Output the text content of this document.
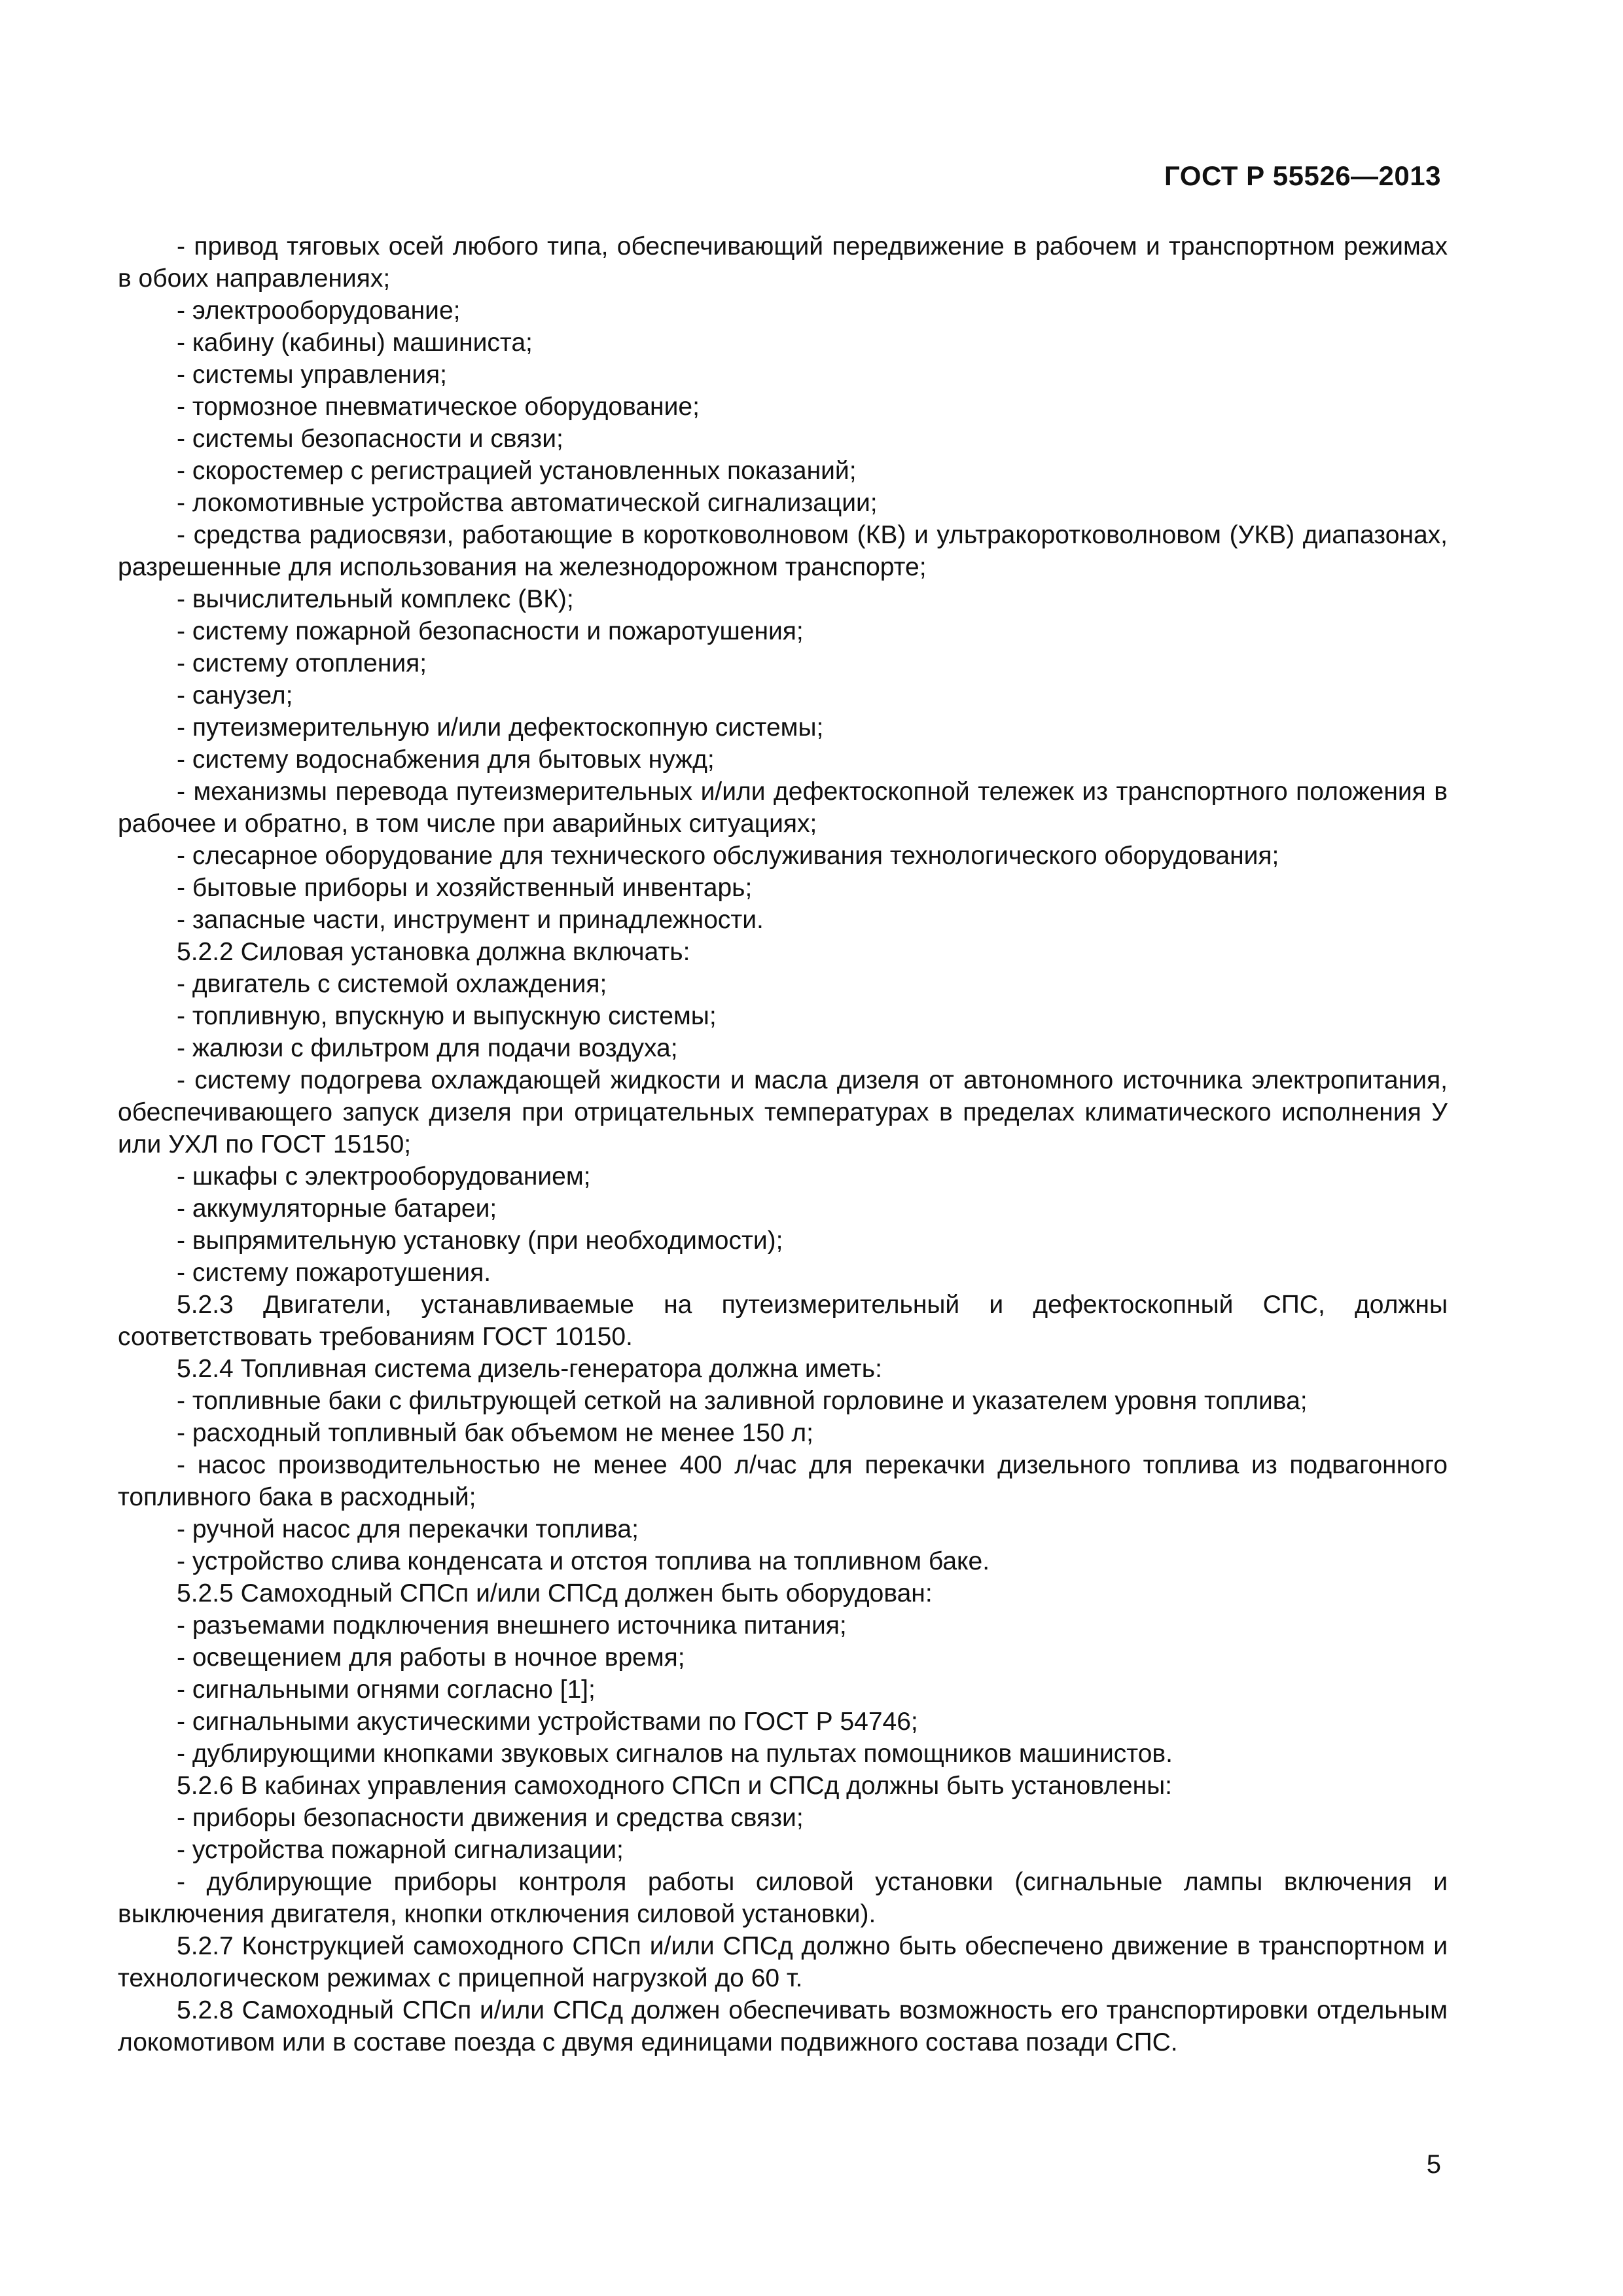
ГОСТ Р 55526—2013

- привод тяговых осей любого типа, обеспечивающий передвижение в рабочем и транспортном режимах в обоих направлениях;

- электрооборудование;

- кабину (кабины) машиниста;

- системы управления;

- тормозное пневматическое оборудование;

- системы безопасности и связи;

- скоростемер с регистрацией установленных показаний;

- локомотивные устройства автоматической сигнализации;

- средства радиосвязи, работающие в коротковолновом (КВ) и ультракоротковолновом (УКВ) диапазонах, разрешенные для использования на железнодорожном транспорте;

- вычислительный комплекс (ВК);

- систему пожарной безопасности и пожаротушения;

- систему отопления;

- санузел;

- путеизмерительную и/или дефектоскопную системы;

- систему водоснабжения для бытовых нужд;

- механизмы перевода путеизмерительных и/или дефектоскопной тележек из транспортного положения в рабочее и обратно, в том числе при аварийных ситуациях;

- слесарное оборудование для технического обслуживания технологического оборудования;

- бытовые приборы и хозяйственный инвентарь;

- запасные части, инструмент и принадлежности.

5.2.2 Силовая установка должна включать:

- двигатель с системой охлаждения;

- топливную, впускную и выпускную системы;

- жалюзи с фильтром для подачи воздуха;

- систему подогрева охлаждающей жидкости и масла дизеля от автономного источника электропитания, обеспечивающего запуск дизеля при отрицательных температурах в пределах климатического исполнения У или УХЛ по ГОСТ 15150;

- шкафы с электрооборудованием;

- аккумуляторные батареи;

- выпрямительную установку (при необходимости);

- систему пожаротушения.

5.2.3 Двигатели, устанавливаемые на путеизмерительный и дефектоскопный СПС, должны соответствовать требованиям ГОСТ 10150.

5.2.4 Топливная система дизель-генератора должна иметь:

- топливные баки с фильтрующей сеткой на заливной горловине и указателем уровня топлива;

- расходный топливный бак объемом не менее 150 л;

- насос производительностью не менее 400 л/час для перекачки дизельного топлива из подвагонного топливного бака в расходный;

- ручной насос для перекачки топлива;

- устройство слива конденсата и отстоя топлива на топливном баке.

5.2.5 Самоходный СПСп и/или СПСд должен быть оборудован:

- разъемами подключения внешнего источника питания;

- освещением для работы в ночное время;

- сигнальными огнями согласно [1];

- сигнальными акустическими устройствами по ГОСТ Р 54746;

- дублирующими кнопками звуковых сигналов на пультах помощников машинистов.

5.2.6 В кабинах управления самоходного СПСп и СПСд должны быть установлены:

- приборы безопасности движения и средства связи;

- устройства пожарной сигнализации;

- дублирующие приборы контроля работы силовой установки (сигнальные лампы включения и выключения двигателя, кнопки отключения силовой установки).

5.2.7 Конструкцией самоходного СПСп и/или СПСд должно быть обеспечено движение в транспортном и технологическом режимах с прицепной нагрузкой до 60 т.

5.2.8 Самоходный СПСп и/или СПСд должен обеспечивать возможность его транспортировки отдельным локомотивом или в составе поезда с двумя единицами подвижного состава позади СПС.

5
